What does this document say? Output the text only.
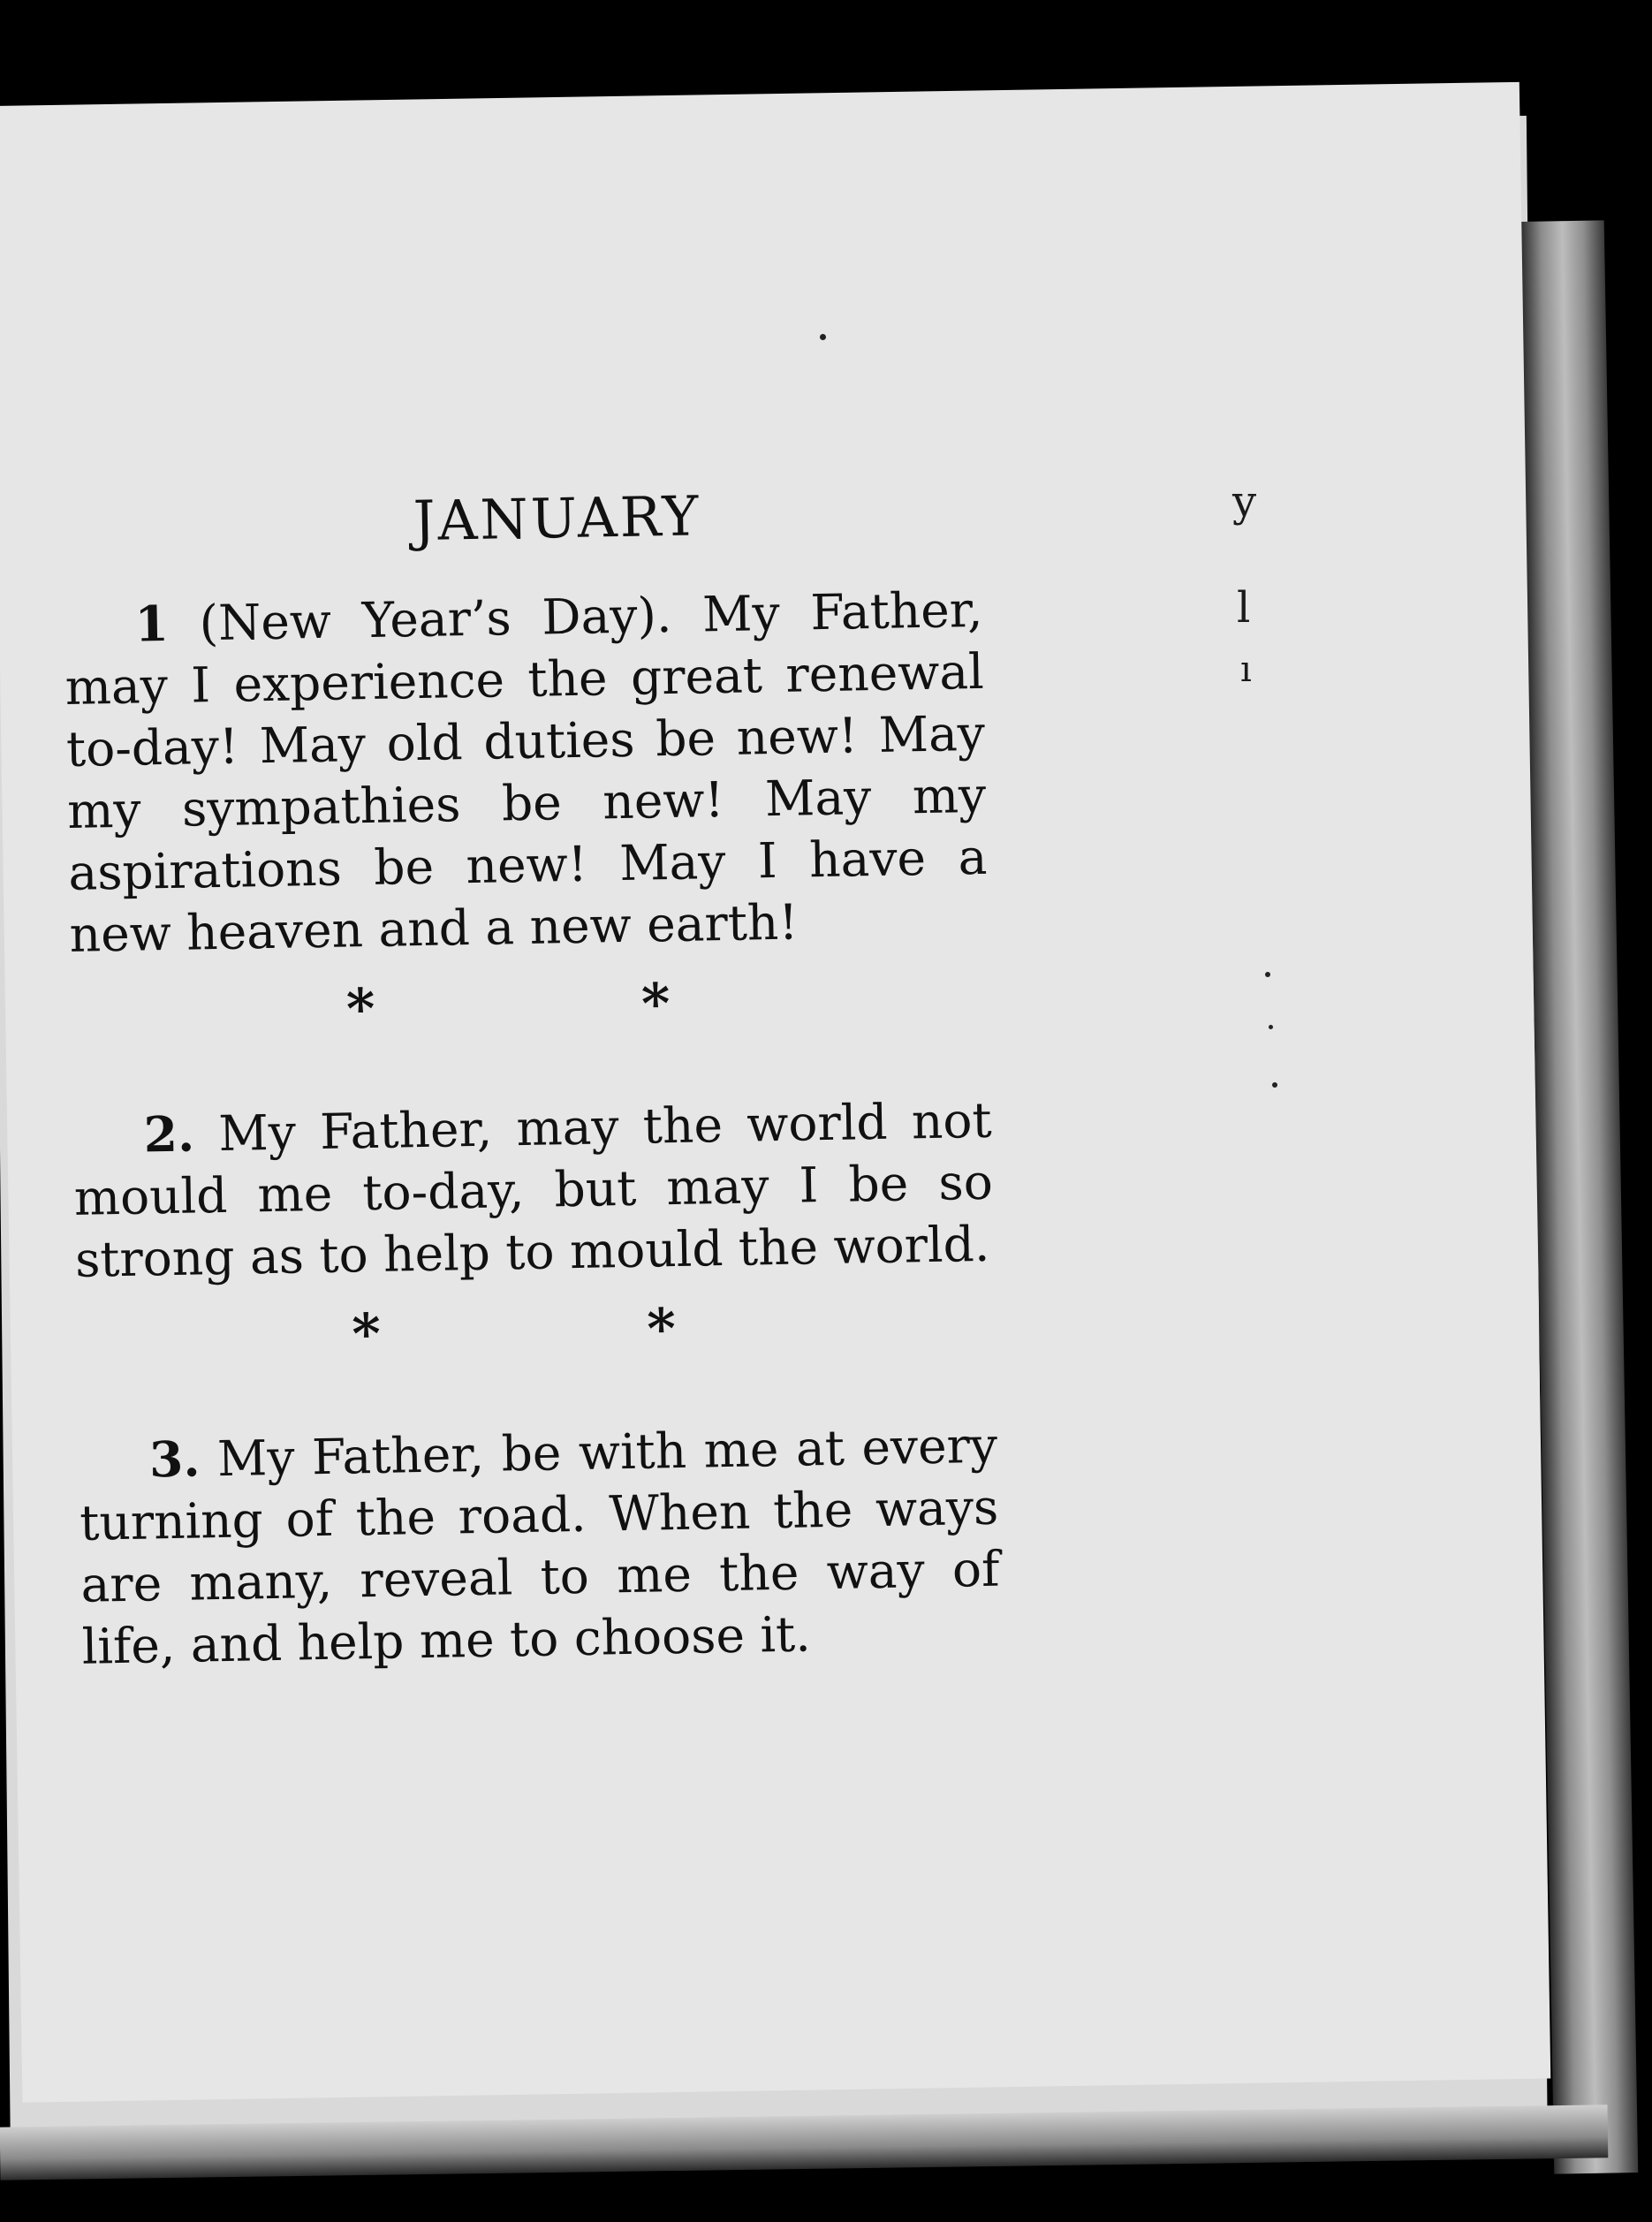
y
l
ı
JANUARY

1 (New Year’s Day). My Father, may I experience the great renewal to-day! May old duties be new! May my sympathies be new! May my aspirations be new! May I have a new heaven and a new earth!

* *

2. My Father, may the world not mould me to-day, but may I be so strong as to help to mould the world.

* *

3. My Father, be with me at every turning of the road. When the ways are many, reveal to me the way of life, and help me to choose it.
